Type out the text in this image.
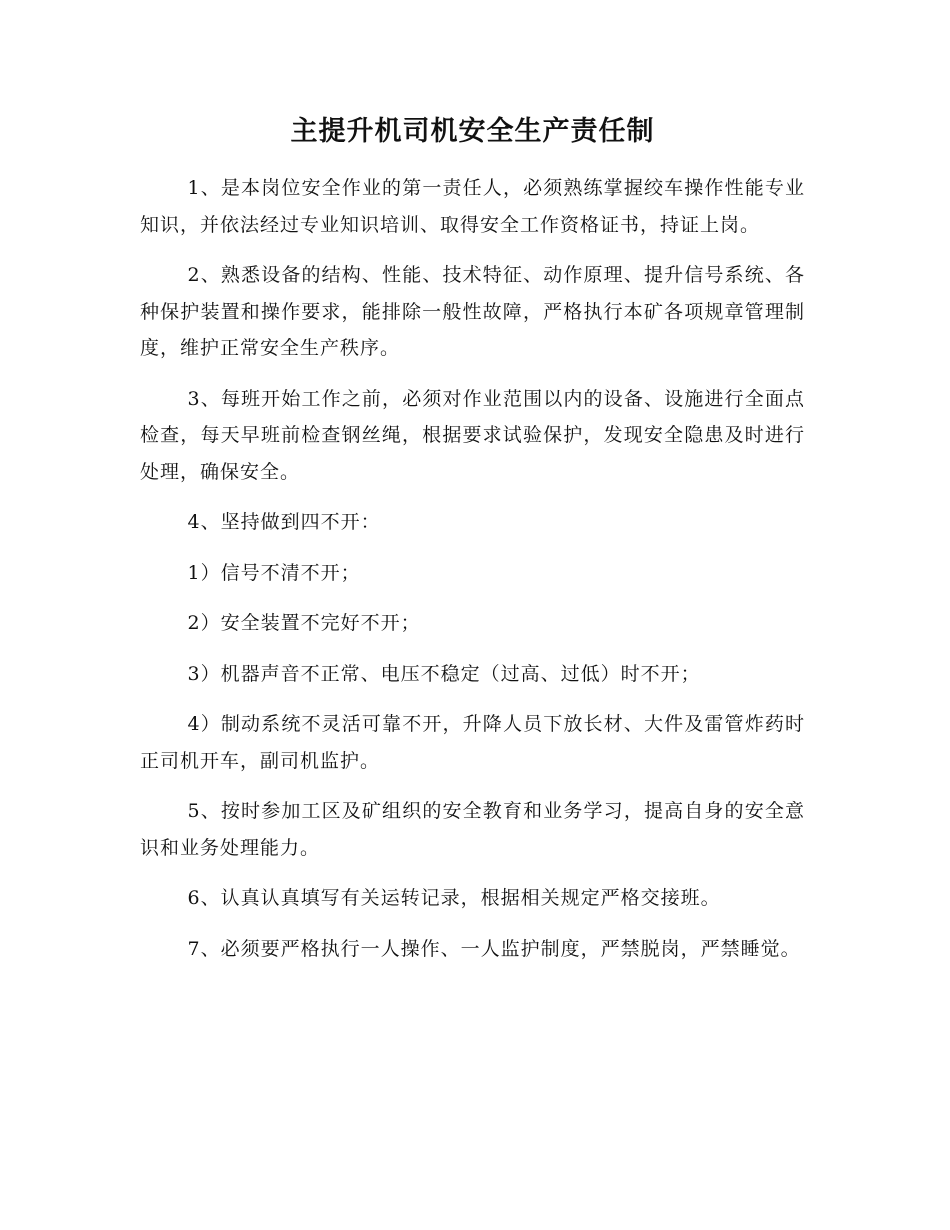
主提升机司机安全生产责任制

1、是本岗位安全作业的第一责任人，必须熟练掌握绞车操作性能专业知识，并依法经过专业知识培训、取得安全工作资格证书，持证上岗。

2、熟悉设备的结构、性能、技术特征、动作原理、提升信号系统、各种保护装置和操作要求，能排除一般性故障，严格执行本矿各项规章管理制度，维护正常安全生产秩序。

3、每班开始工作之前，必须对作业范围以内的设备、设施进行全面点检查，每天早班前检查钢丝绳，根据要求试验保护，发现安全隐患及时进行处理，确保安全。

4、坚持做到四不开：

1）信号不清不开；

2）安全装置不完好不开；

3）机器声音不正常、电压不稳定（过高、过低）时不开；

4）制动系统不灵活可靠不开，升降人员下放长材、大件及雷管炸药时正司机开车，副司机监护。

5、按时参加工区及矿组织的安全教育和业务学习，提高自身的安全意识和业务处理能力。

6、认真认真填写有关运转记录，根据相关规定严格交接班。

7、必须要严格执行一人操作、一人监护制度，严禁脱岗，严禁睡觉。
